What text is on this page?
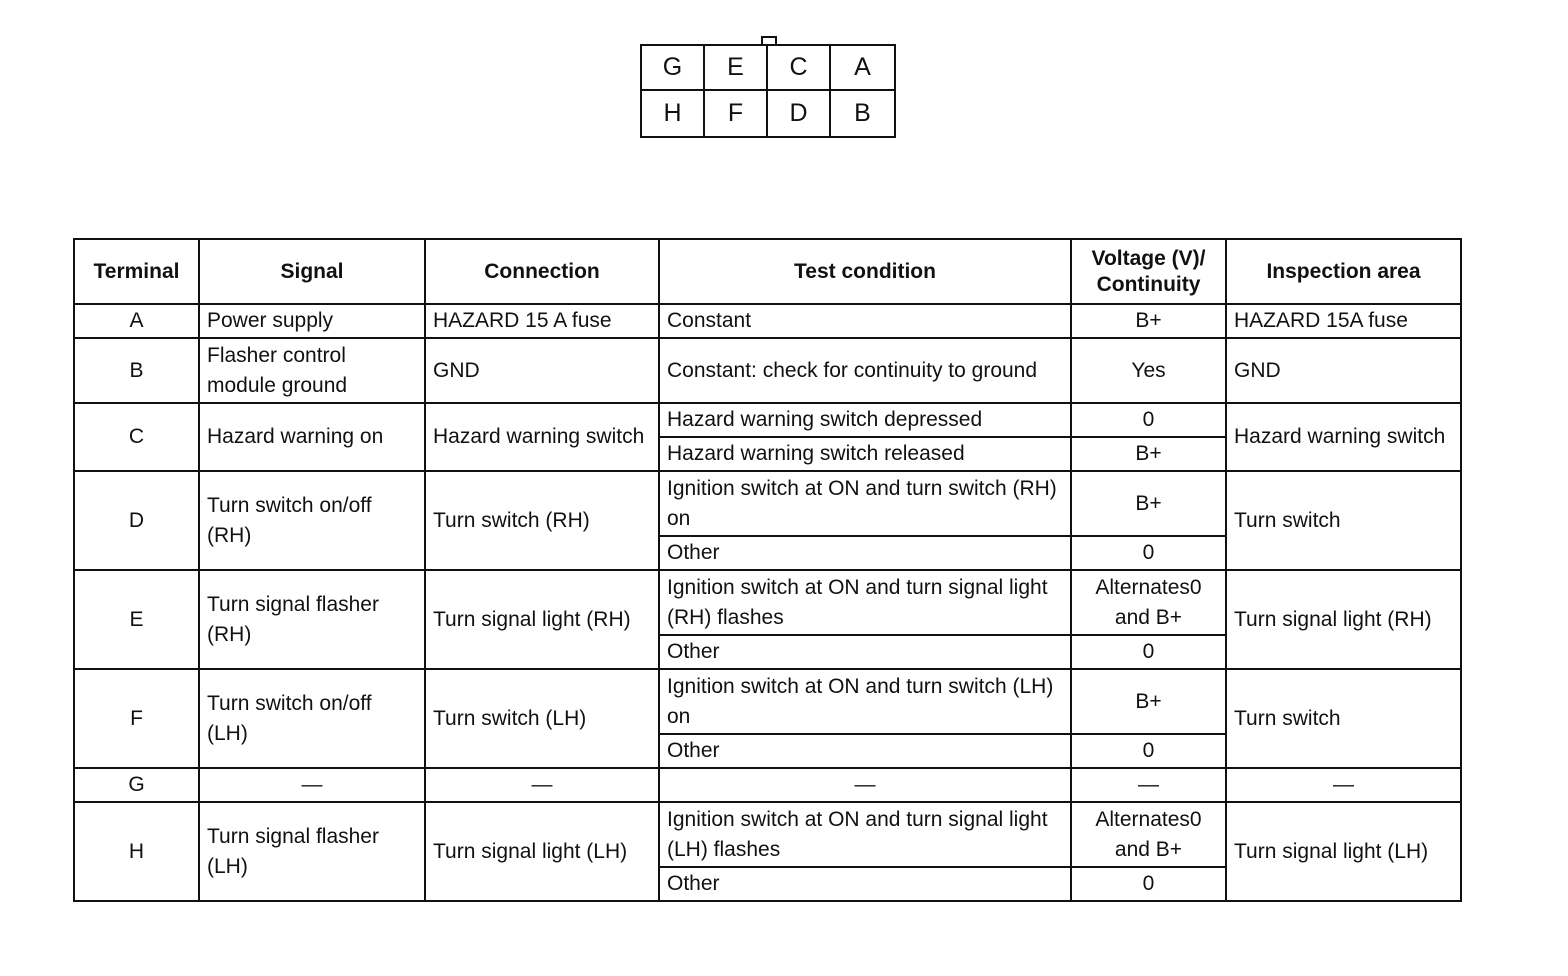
G	E	C	A
H	F	D	B
Terminal	Signal	Connection	Test condition	Voltage (V)/ Continuity	Inspection area
A	Power supply	HAZARD 15 A fuse	Constant	B+	HAZARD 15A fuse
B	Flasher control module ground	GND	Constant: check for continuity to ground	Yes	GND
C	Hazard warning on	Hazard warning switch	Hazard warning switch depressed	0	Hazard warning switch
			Hazard warning switch released	B+	
D	Turn switch on/off (RH)	Turn switch (RH)	Ignition switch at ON and turn switch (RH) on	B+	Turn switch
			Other	0	
E	Turn signal flasher (RH)	Turn signal light (RH)	Ignition switch at ON and turn signal light (RH) flashes	Alternates0 and B+	Turn signal light (RH)
			Other	0	
F	Turn switch on/off (LH)	Turn switch (LH)	Ignition switch at ON and turn switch (LH) on	B+	Turn switch
			Other	0	
G	—	—	—	—	—
H	Turn signal flasher (LH)	Turn signal light (LH)	Ignition switch at ON and turn signal light (LH) flashes	Alternates0 and B+	Turn signal light (LH)
			Other	0	
